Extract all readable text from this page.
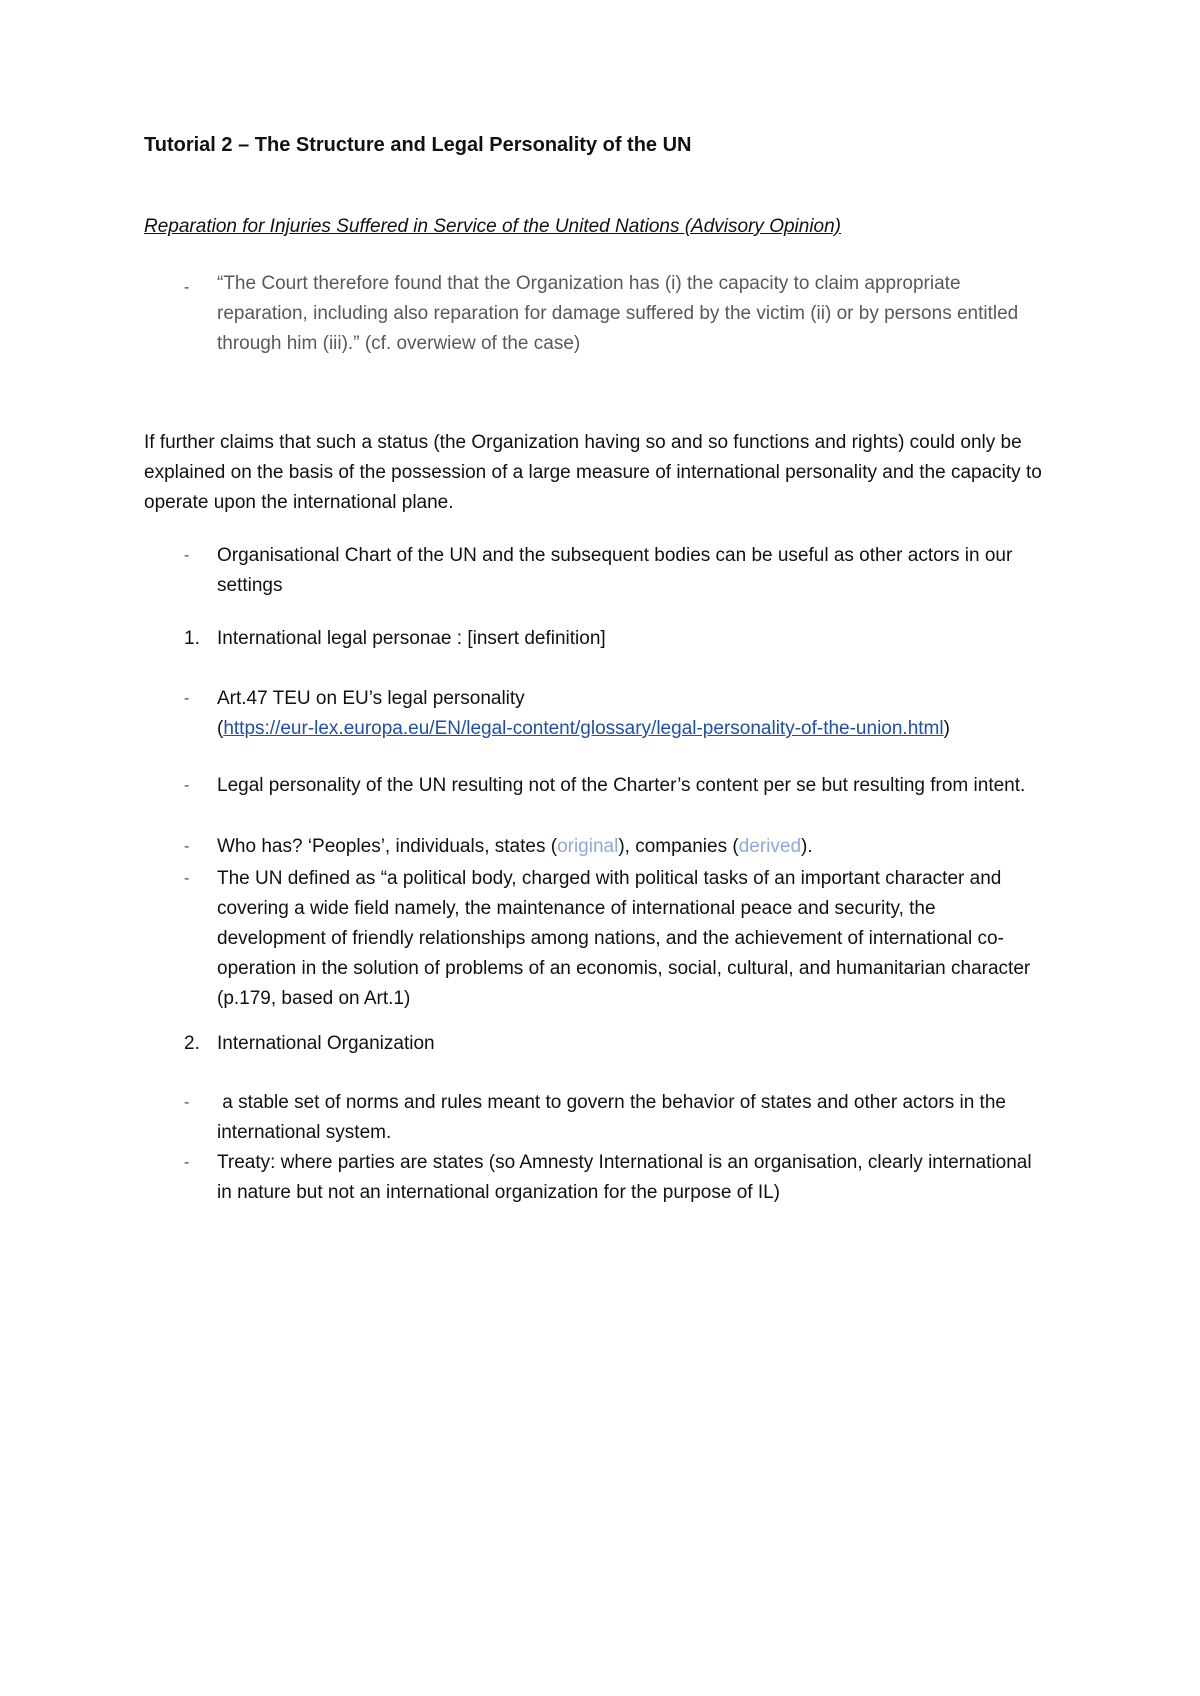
Tutorial 2 – The Structure and Legal Personality of the UN
Reparation for Injuries Suffered in Service of the United Nations (Advisory Opinion)
-	“The Court therefore found that the Organization has (i) the capacity to claim appropriate reparation, including also reparation for damage suffered by the victim (ii) or by persons entitled through him (iii).” (cf. overwiew of the case)
If further claims that such a status (the Organization having so and so functions and rights) could only be explained on the basis of the possession of a large measure of international personality and the capacity to operate upon the international plane.
-	Organisational Chart of the UN and the subsequent bodies can be useful as other actors in our settings
1. International legal personae : [insert definition]
-	Art.47 TEU on EU’s legal personality
(https://eur-lex.europa.eu/EN/legal-content/glossary/legal-personality-of-the-union.html)
-	Legal personality of the UN resulting not of the Charter’s content per se but resulting from intent.
-	Who has? ‘Peoples’, individuals, states (original), companies (derived).
-	The UN defined as “a political body, charged with political tasks of an important character and covering a wide field namely, the maintenance of international peace and security, the development of friendly relationships among nations, and the achievement of international co-operation in the solution of problems of an economis, social, cultural, and humanitarian character (p.179, based on Art.1)
2. International Organization
-	a stable set of norms and rules meant to govern the behavior of states and other actors in the international system.
-	Treaty: where parties are states (so Amnesty International is an organisation, clearly international in nature but not an international organization for the purpose of IL)
